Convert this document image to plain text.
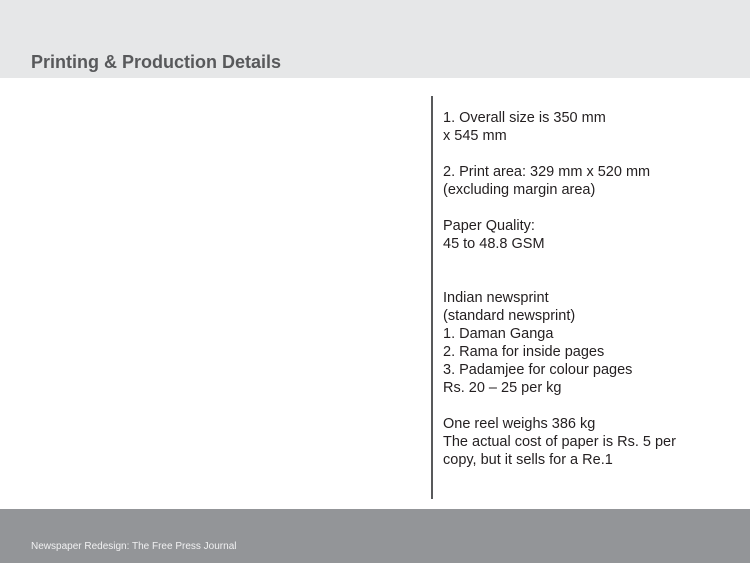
Printing & Production Details
1. Overall size is 350 mm
x 545 mm
2. Print area: 329 mm x 520 mm
(excluding margin area)
Paper Quality:
45 to 48.8 GSM
Indian newsprint
(standard newsprint)
1. Daman Ganga
2. Rama for inside pages
3. Padamjee for colour pages
Rs. 20 – 25 per kg
One reel weighs 386 kg
The actual cost of paper is Rs. 5 per
copy, but it sells for a Re.1
Newspaper Redesign: The Free Press Journal
